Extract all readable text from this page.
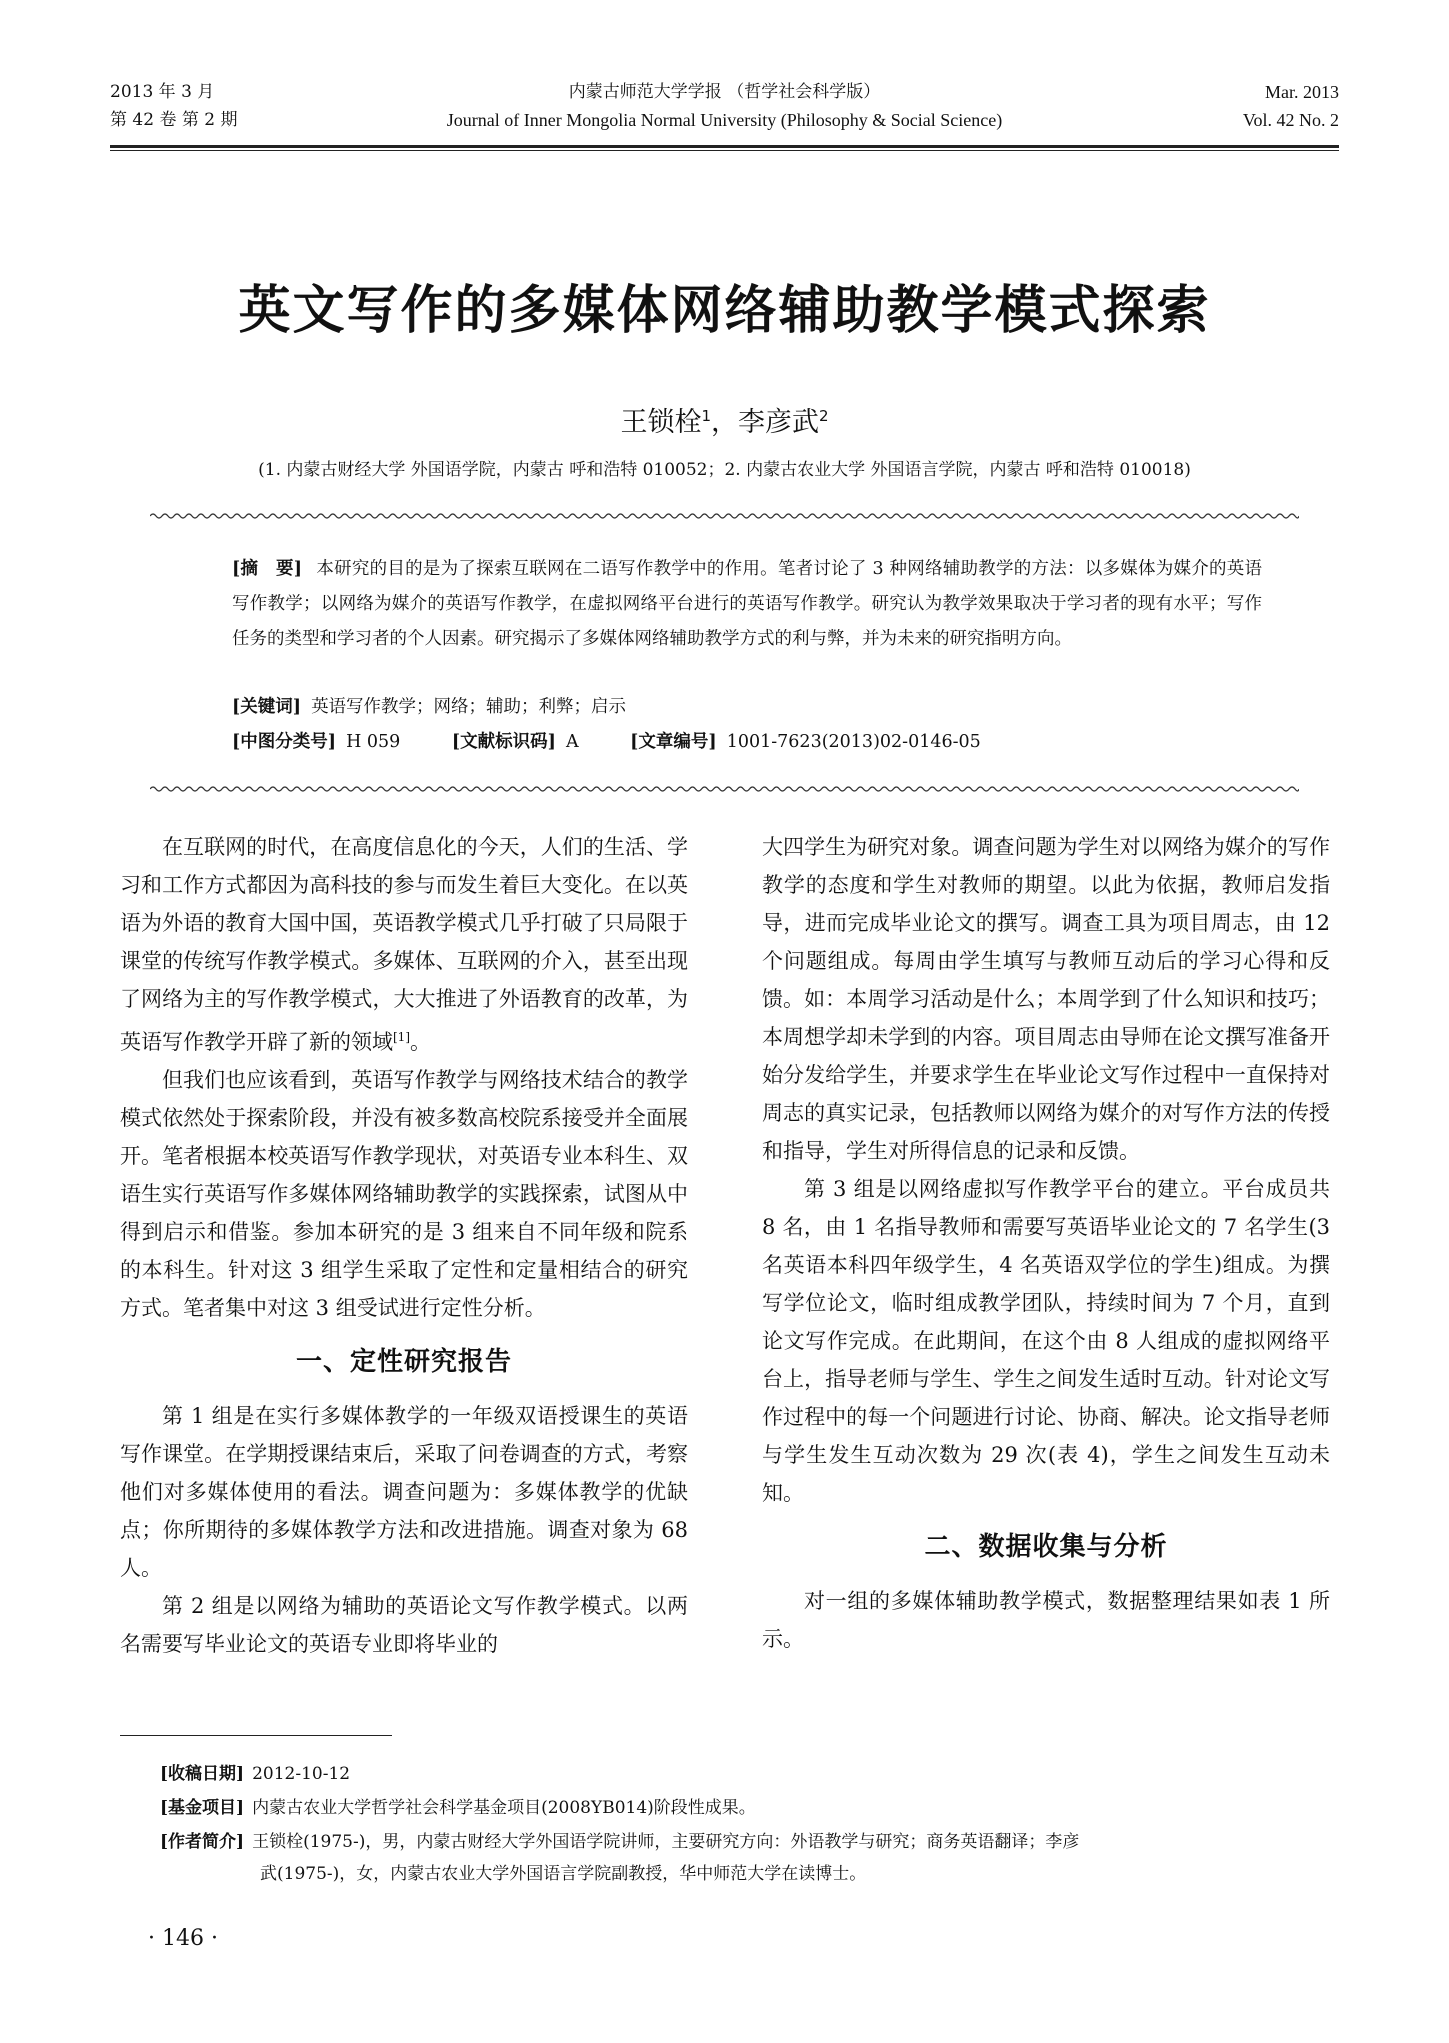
2013 年 3 月
第 42 卷 第 2 期
内蒙古师范大学学报 （哲学社会科学版）
Journal of Inner Mongolia Normal University (Philosophy & Social Science)
Mar. 2013
Vol. 42 No. 2
英文写作的多媒体网络辅助教学模式探索
王锁栓$^1$，李彦武$^2$
(1. 内蒙古财经大学 外国语学院，内蒙古 呼和浩特 010052；2. 内蒙古农业大学 外国语言学院，内蒙古 呼和浩特 010018)
[摘　要] 本研究的目的是为了探索互联网在二语写作教学中的作用。笔者讨论了 3 种网络辅助教学的方法：以多媒体为媒介的英语写作教学；以网络为媒介的英语写作教学，在虚拟网络平台进行的英语写作教学。研究认为教学效果取决于学习者的现有水平；写作任务的类型和学习者的个人因素。研究揭示了多媒体网络辅助教学方式的利与弊，并为未来的研究指明方向。
[关键词] 英语写作教学；网络；辅助；利弊；启示
[中图分类号] H 059	[文献标识码] A	[文章编号] 1001-7623(2013)02-0146-05

在互联网的时代，在高度信息化的今天，人们的生活、学习和工作方式都因为高科技的参与而发生着巨大变化。在以英语为外语的教育大国中国，英语教学模式几乎打破了只局限于课堂的传统写作教学模式。多媒体、互联网的介入，甚至出现了网络为主的写作教学模式，大大推进了外语教育的改革，为英语写作教学开辟了新的领域[1]。

但我们也应该看到，英语写作教学与网络技术结合的教学模式依然处于探索阶段，并没有被多数高校院系接受并全面展开。笔者根据本校英语写作教学现状，对英语专业本科生、双语生实行英语写作多媒体网络辅助教学的实践探索，试图从中得到启示和借鉴。参加本研究的是 3 组来自不同年级和院系的本科生。针对这 3 组学生采取了定性和定量相结合的研究方式。笔者集中对这 3 组受试进行定性分析。

一、定性研究报告

第 1 组是在实行多媒体教学的一年级双语授课生的英语写作课堂。在学期授课结束后，采取了问卷调查的方式，考察他们对多媒体使用的看法。调查问题为：多媒体教学的优缺点；你所期待的多媒体教学方法和改进措施。调查对象为 68 人。

第 2 组是以网络为辅助的英语论文写作教学模式。以两名需要写毕业论文的英语专业即将毕业的

大四学生为研究对象。调查问题为学生对以网络为媒介的写作教学的态度和学生对教师的期望。以此为依据，教师启发指导，进而完成毕业论文的撰写。调查工具为项目周志，由 12 个问题组成。每周由学生填写与教师互动后的学习心得和反馈。如：本周学习活动是什么；本周学到了什么知识和技巧；本周想学却未学到的内容。项目周志由导师在论文撰写准备开始分发给学生，并要求学生在毕业论文写作过程中一直保持对周志的真实记录，包括教师以网络为媒介的对写作方法的传授和指导，学生对所得信息的记录和反馈。

第 3 组是以网络虚拟写作教学平台的建立。平台成员共 8 名，由 1 名指导教师和需要写英语毕业论文的 7 名学生(3 名英语本科四年级学生，4 名英语双学位的学生)组成。为撰写学位论文，临时组成教学团队，持续时间为 7 个月，直到论文写作完成。在此期间，在这个由 8 人组成的虚拟网络平台上，指导老师与学生、学生之间发生适时互动。针对论文写作过程中的每一个问题进行讨论、协商、解决。论文指导老师与学生发生互动次数为 29 次(表 4)，学生之间发生互动未知。

二、数据收集与分析

对一组的多媒体辅助教学模式，数据整理结果如表 1 所示。

[收稿日期] 2012-10-12
[基金项目] 内蒙古农业大学哲学社会科学基金项目(2008YB014)阶段性成果。
[作者简介] 王锁栓(1975-)，男，内蒙古财经大学外国语学院讲师，主要研究方向：外语教学与研究；商务英语翻译；李彦
武(1975-)，女，内蒙古农业大学外国语言学院副教授，华中师范大学在读博士。
· 146 ·
